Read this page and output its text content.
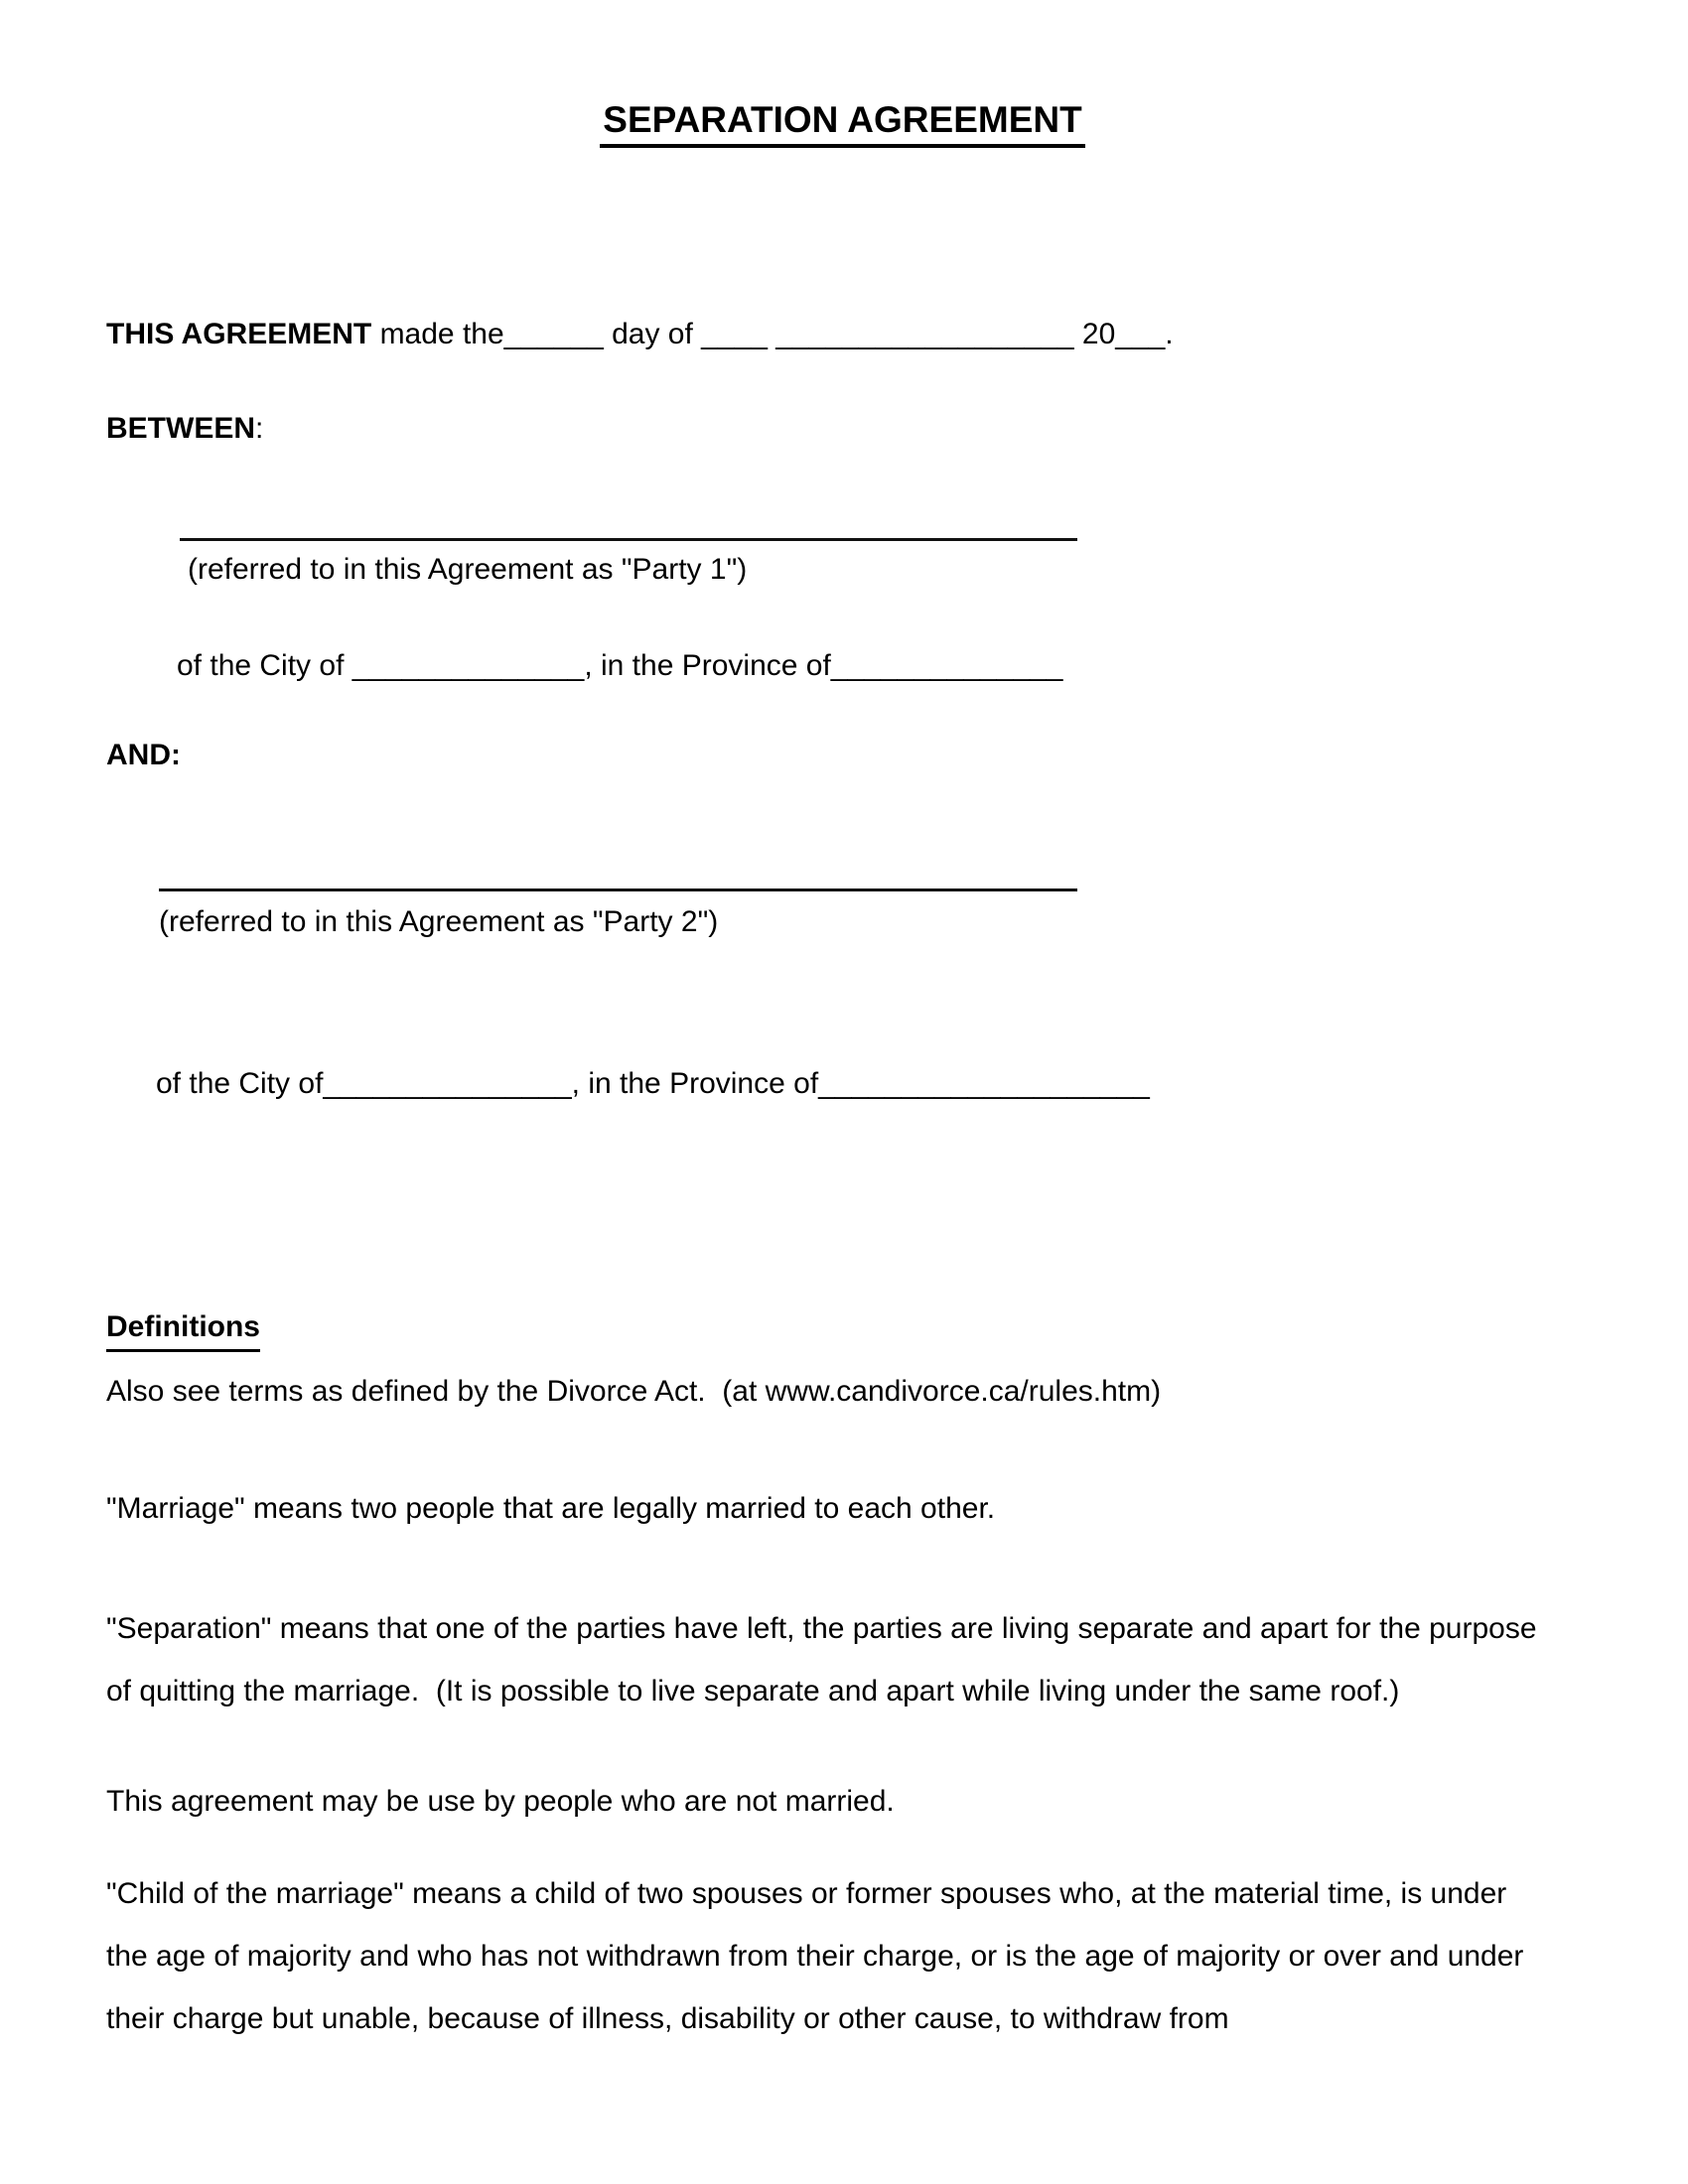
SEPARATION AGREEMENT
THIS AGREEMENT made the______ day of ____ __________________ 20___.
BETWEEN:
(referred to in this Agreement as "Party 1")
of the City of ______________, in the Province of______________
AND:
(referred to in this Agreement as "Party 2")
of the City of_______________, in the Province of____________________
Definitions
Also see terms as defined by the Divorce Act.  (at www.candivorce.ca/rules.htm)
"Marriage" means two people that are legally married to each other.
"Separation" means that one of the parties have left, the parties are living separate and apart for the purpose of quitting the marriage.  (It is possible to live separate and apart while living under the same roof.)
This agreement may be use by people who are not married.
"Child of the marriage" means a child of two spouses or former spouses who, at the material time, is under the age of majority and who has not withdrawn from their charge, or is the age of majority or over and under their charge but unable, because of illness, disability or other cause, to withdraw from
